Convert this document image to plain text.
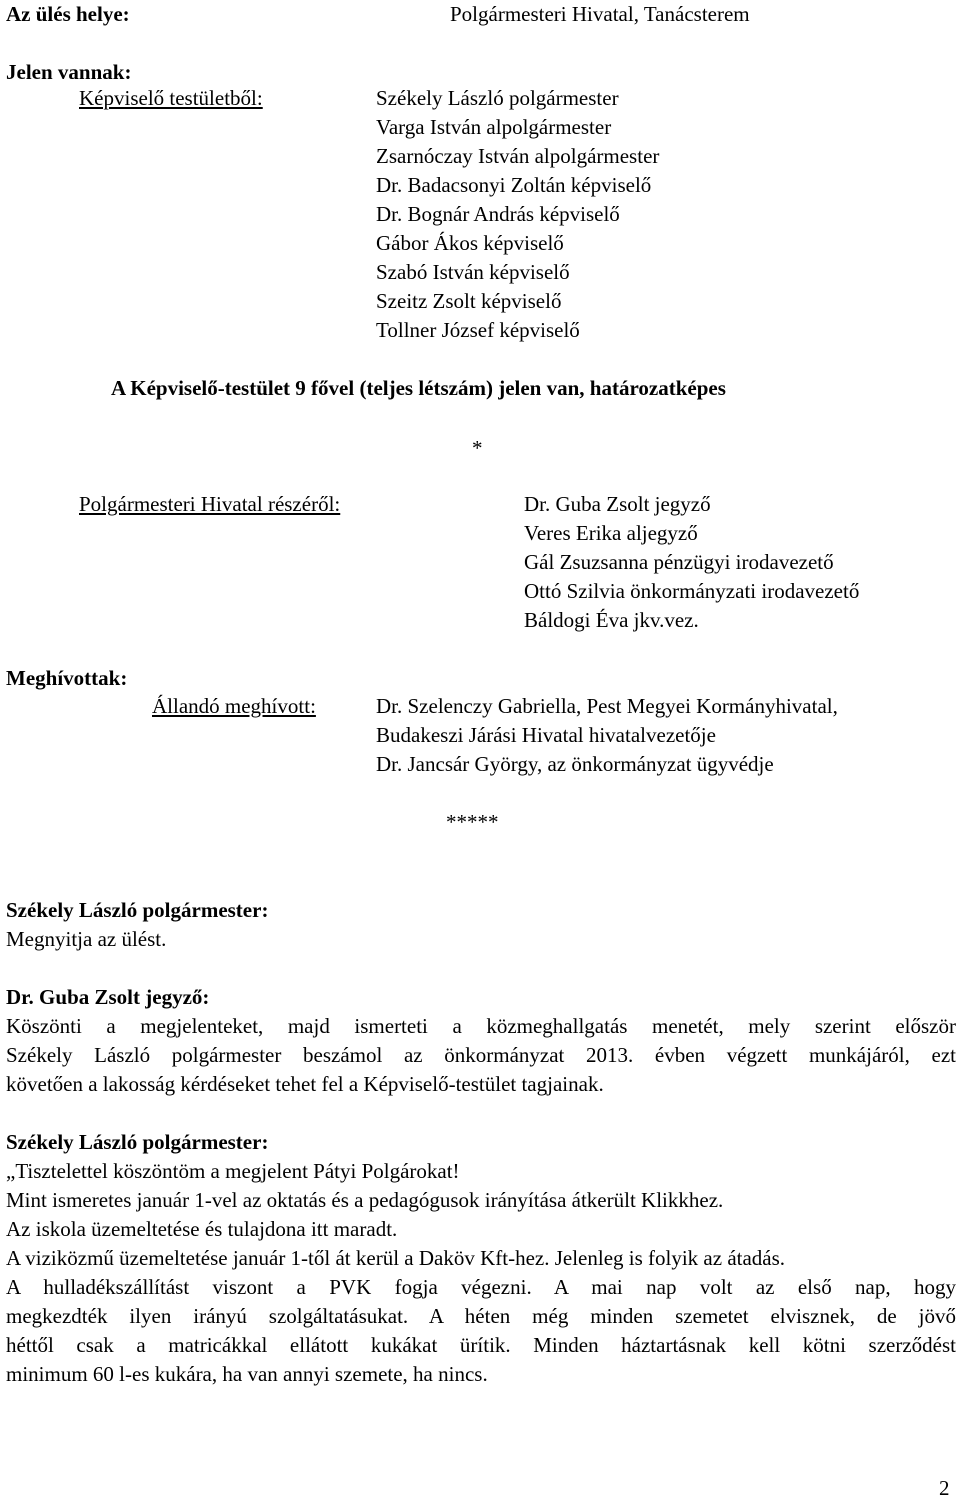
Az ülés helye:	Polgármesteri Hivatal, Tanácsterem
Jelen vannak:
Képviselő testületből:	Székely László polgármester
Varga István alpolgármester
Zsarnóczay István alpolgármester
Dr. Badacsonyi Zoltán képviselő
Dr. Bognár András képviselő
Gábor Ákos képviselő
Szabó István képviselő
Szeitz Zsolt képviselő
Tollner József képviselő
A Képviselő-testület 9 fővel (teljes létszám) jelen van, határozatképes
*
Polgármesteri Hivatal részéről:	Dr. Guba Zsolt jegyző
Veres Erika aljegyző
Gál Zsuzsanna pénzügyi irodavezető
Ottó Szilvia önkormányzati irodavezető
Báldogi Éva jkv.vez.
Meghívottak:
Állandó meghívott:	Dr. Szelenczy Gabriella, Pest Megyei Kormányhivatal,
Budakeszi Járási Hivatal hivatalvezetője
Dr. Jancsár György, az önkormányzat ügyvédje
*****
Székely László polgármester:
Megnyitja az ülést.
Dr. Guba Zsolt jegyző:
Köszönti a megjelenteket, majd ismerteti a közmeghallgatás menetét, mely szerint először
Székely László polgármester beszámol az önkormányzat 2013. évben végzett munkájáról, ezt
követően a lakosság kérdéseket tehet fel a Képviselő-testület tagjainak.
Székely László polgármester:
„Tisztelettel köszöntöm a megjelent Pátyi Polgárokat!
Mint ismeretes január 1-vel az oktatás és a pedagógusok irányítása átkerült Klikkhez.
Az iskola üzemeltetése és tulajdona itt maradt.
A viziközmű üzemeltetése január 1-től át kerül a Daköv Kft-hez. Jelenleg is folyik az átadás.
A hulladékszállítást viszont a PVK fogja végezni. A mai nap volt az első nap, hogy
megkezdték ilyen irányú szolgáltatásukat. A héten még minden szemetet elvisznek, de jövő
héttől csak a matricákkal ellátott kukákat ürítik. Minden háztartásnak kell kötni szerződést
minimum 60 l-es kukára, ha van annyi szemete, ha nincs.
2
